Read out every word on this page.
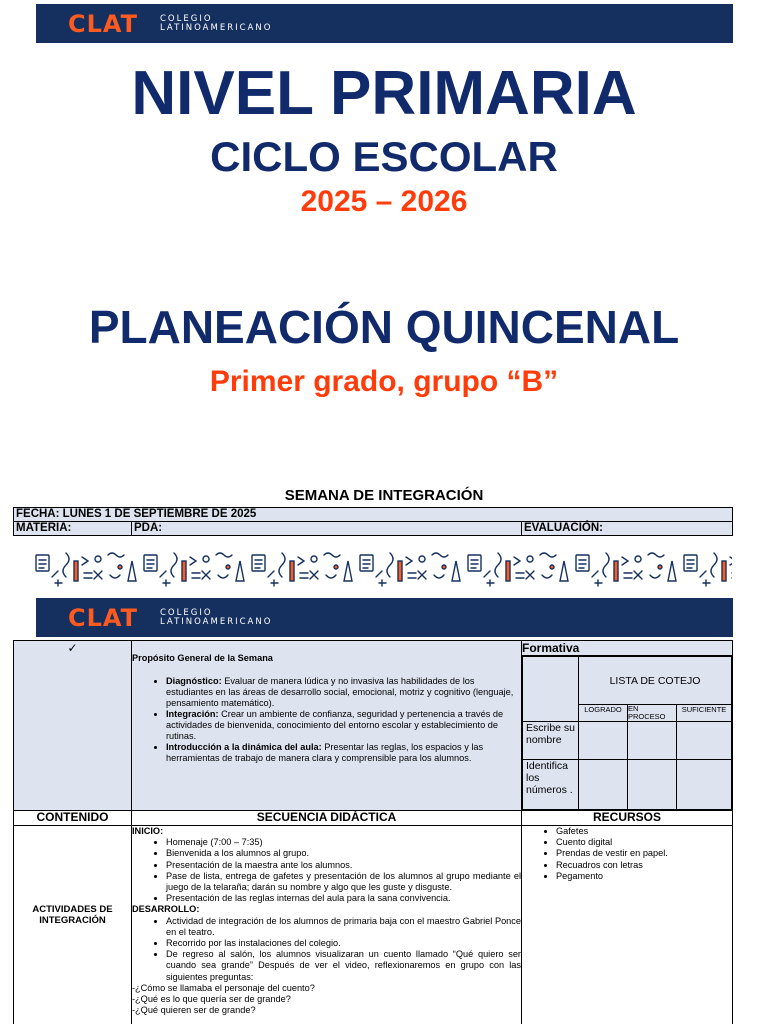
CLAT	COLEGIO
LATINOAMERICANO
NIVEL PRIMARIA
CICLO ESCOLAR
2025 – 2026
PLANEACIÓN QUINCENAL
Primer grado, grupo “B”
SEMANA DE INTEGRACIÓN
FECHA: LUNES 1 DE SEPTIEMBRE DE 2025
MATERIA:	PDA:	EVALUACIÓN:
CLAT	COLEGIO
LATINOAMERICANO
✓	
Propósito General de la Semana
• Diagnóstico: Evaluar de manera lúdica y no invasiva las habilidades de los estudiantes en las áreas de desarrollo social, emocional, motriz y cognitivo (lenguaje, pensamiento matemático).
• Integración: Crear un ambiente de confianza, seguridad y pertenencia a través de actividades de bienvenida, conocimiento del entorno escolar y establecimiento de rutinas.
• Introducción a la dinámica del aula: Presentar las reglas, los espacios y las herramientas de trabajo de manera clara y comprensible para los alumnos.

Formativa
	LISTA DE COTEJO
LOGRADO	EN PROCESO	SUFICIENTE
Escribe su nombre			
Identifica los números .			

CONTENIDO	SECUENCIA DIDÁCTICA	RECURSOS
ACTIVIDADES DE INTEGRACIÓN	
INICIO:
• Homenaje (7:00 – 7:35)
• Bienvenida a los alumnos al grupo.
• Presentación de la maestra ante los alumnos.
• Pase de lista, entrega de gafetes y presentación de los alumnos al grupo mediante el juego de la telaraña; darán su nombre y algo que les guste y disguste.
• Presentación de las reglas internas del aula para la sana convivencia.
DESARROLLO:
• Actividad de integración de los alumnos de primaria baja con el maestro Gabriel Ponce en el teatro.
• Recorrido por las instalaciones del colegio.
• De regreso al salón, los alumnos visualizaran un cuento llamado “Qué quiero ser cuando sea grande” Después de ver el video, reflexionaremos en grupo con las siguientes preguntas:
-¿Cómo se llamaba el personaje del cuento?
-¿Qué es lo que quería ser de grande?
-¿Qué quieren ser de grande?

• Gafetes
• Cuento digital
• Prendas de vestir en papel.
• Recuadros con letras
• Pegamento
